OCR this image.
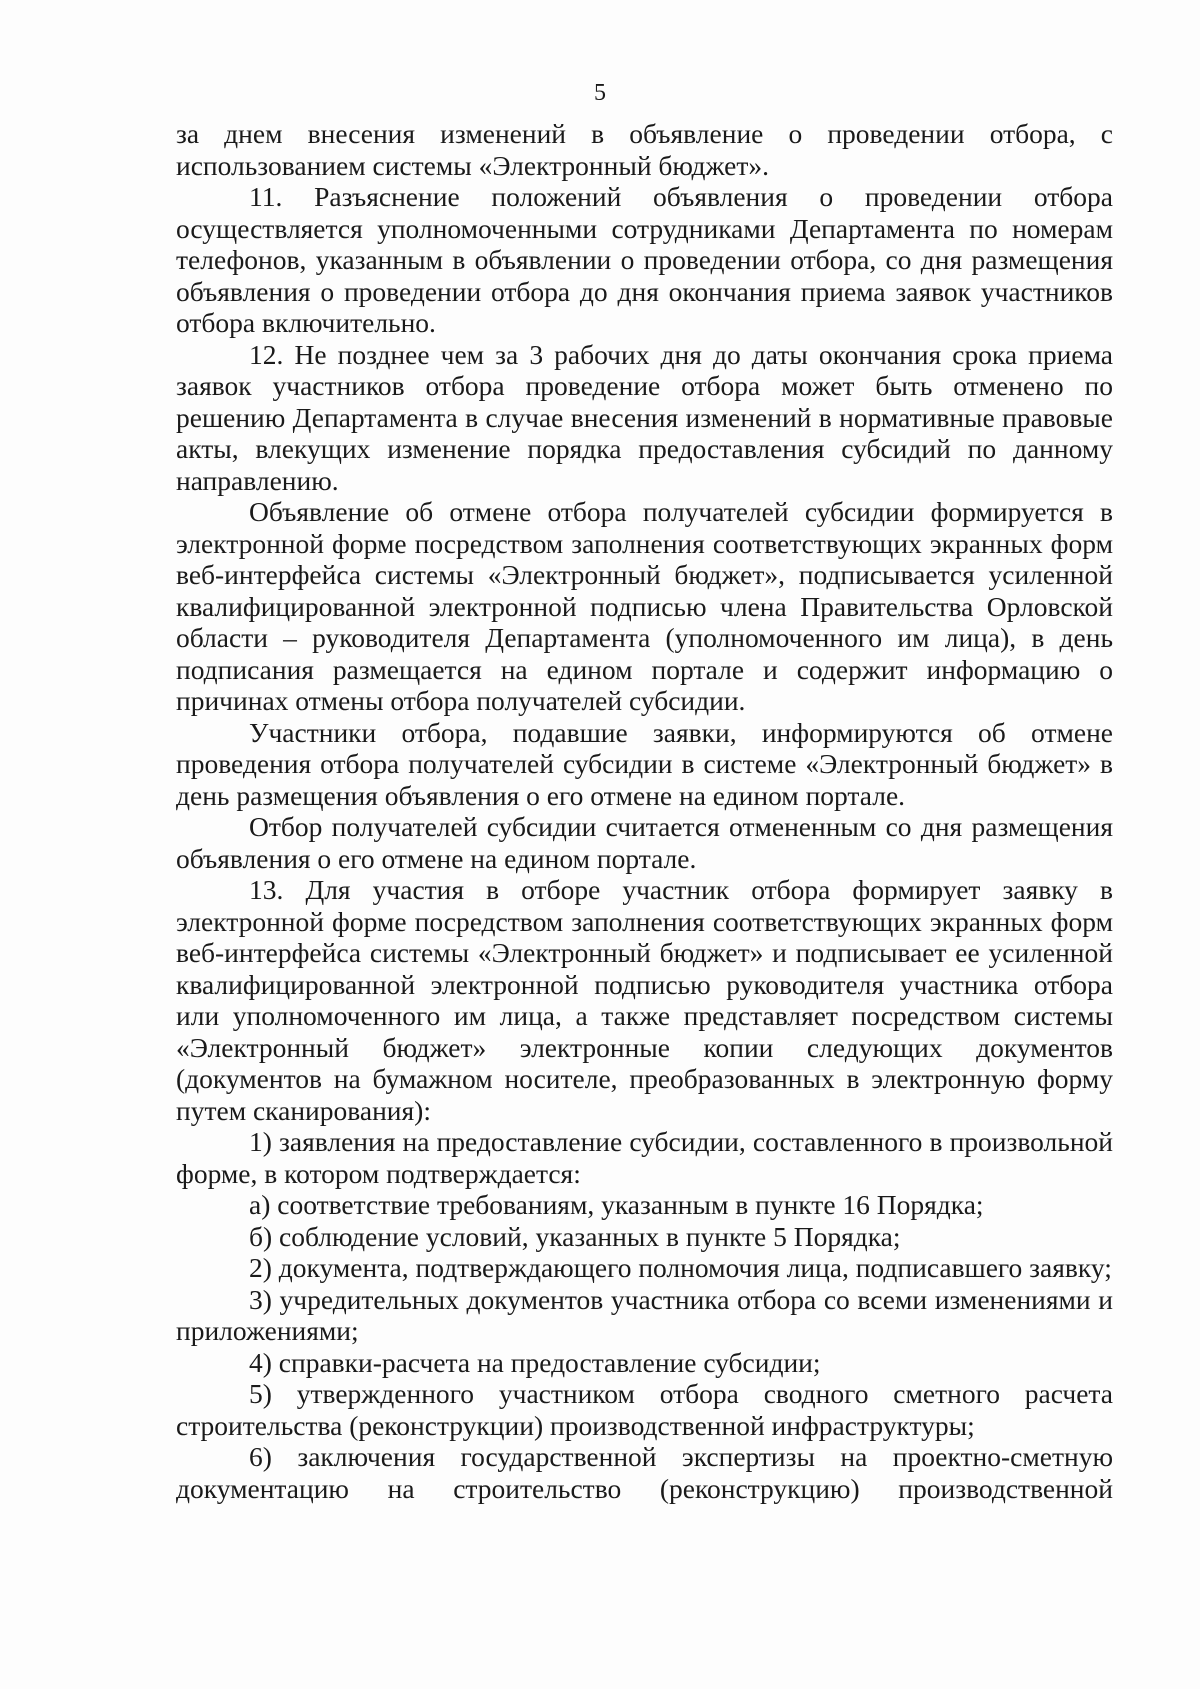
5

за днем внесения изменений в объявление о проведении отбора, с использованием системы «Электронный бюджет».

11. Разъяснение положений объявления о проведении отбора осуществляется уполномоченными сотрудниками Департамента по номерам телефонов, указанным в объявлении о проведении отбора, со дня размещения объявления о проведении отбора до дня окончания приема заявок участников отбора включительно.

12. Не позднее чем за 3 рабочих дня до даты окончания срока приема заявок участников отбора проведение отбора может быть отменено по решению Департамента в случае внесения изменений в нормативные правовые акты, влекущих изменение порядка предоставления субсидий по данному направлению.

Объявление об отмене отбора получателей субсидии формируется в электронной форме посредством заполнения соответствующих экранных форм веб-интерфейса системы «Электронный бюджет», подписывается усиленной квалифицированной электронной подписью члена Правительства Орловской области – руководителя Департамента (уполномоченного им лица), в день подписания размещается на едином портале и содержит информацию о причинах отмены отбора получателей субсидии.

Участники отбора, подавшие заявки, информируются об отмене проведения отбора получателей субсидии в системе «Электронный бюджет» в день размещения объявления о его отмене на едином портале.

Отбор получателей субсидии считается отмененным со дня размещения объявления о его отмене на едином портале.

13. Для участия в отборе участник отбора формирует заявку в электронной форме посредством заполнения соответствующих экранных форм веб-интерфейса системы «Электронный бюджет» и подписывает ее усиленной квалифицированной электронной подписью руководителя участника отбора или уполномоченного им лица, а также представляет посредством системы «Электронный бюджет» электронные копии следующих документов (документов на бумажном носителе, преобразованных в электронную форму путем сканирования):

1) заявления на предоставление субсидии, составленного в произвольной форме, в котором подтверждается:

а) соответствие требованиям, указанным в пункте 16 Порядка;

б) соблюдение условий, указанных в пункте 5 Порядка;

2) документа, подтверждающего полномочия лица, подписавшего заявку;

3) учредительных документов участника отбора со всеми изменениями и приложениями;

4) справки-расчета на предоставление субсидии;

5) утвержденного участником отбора сводного сметного расчета строительства (реконструкции) производственной инфраструктуры;

6) заключения государственной экспертизы на проектно-сметную документацию на строительство (реконструкцию) производственной
